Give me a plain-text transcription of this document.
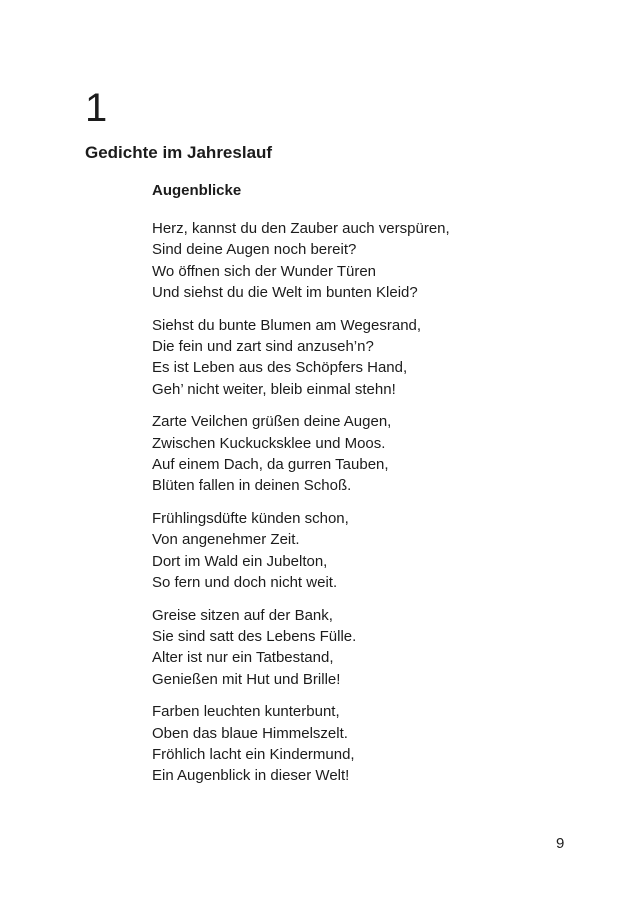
1
Gedichte im Jahreslauf
Augenblicke
Herz, kannst du den Zauber auch verspüren,
Sind deine Augen noch bereit?
Wo öffnen sich der Wunder Türen
Und siehst du die Welt im bunten Kleid?
Siehst du bunte Blumen am Wegesrand,
Die fein und zart sind anzuseh’n?
Es ist Leben aus des Schöpfers Hand,
Geh’ nicht weiter, bleib einmal stehn!
Zarte Veilchen grüßen deine Augen,
Zwischen Kuckucksklee und Moos.
Auf einem Dach, da gurren Tauben,
Blüten fallen in deinen Schoß.
Frühlingsdüfte künden schon,
Von angenehmer Zeit.
Dort im Wald ein Jubelton,
So fern und doch nicht weit.
Greise sitzen auf der Bank,
Sie sind satt des Lebens Fülle.
Alter ist nur ein Tatbestand,
Genießen mit Hut und Brille!
Farben leuchten kunterbunt,
Oben das blaue Himmelszelt.
Fröhlich lacht ein Kindermund,
Ein Augenblick in dieser Welt!
9
